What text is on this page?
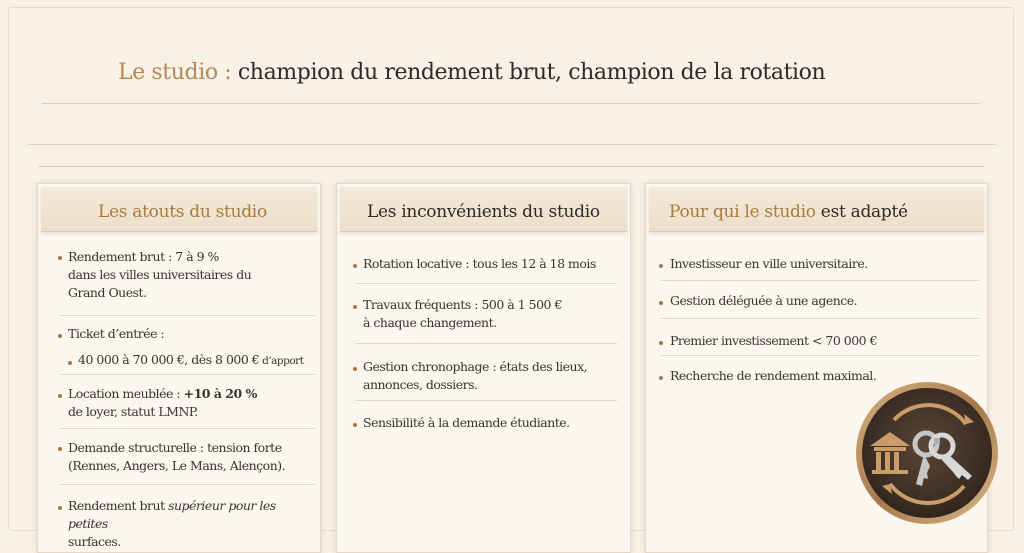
Le studio : champion du rendement brut, champion de la rotation
Les atouts du studio
Rendement brut : 7 à 9 %
dans les villes universitaires du
Grand Ouest.
Ticket d’entrée :
40 000 à 70 000 €, dès 8 000 € d’apport
Location meublée : +10 à 20 %
de loyer, statut LMNP.
Demande structurelle : tension forte
(Rennes, Angers, Le Mans, Alençon).
Rendement brut supérieur pour les petites
surfaces.
Les inconvénients du studio
Rotation locative : tous les 12 à 18 mois
Travaux fréquents : 500 à 1 500 €
à chaque changement.
Gestion chronophage : états des lieux,
annonces, dossiers.
Sensibilité à la demande étudiante.
Pour qui le studio est adapté
Investisseur en ville universitaire.
Gestion déléguée à une agence.
Premier investissement < 70 000 €
Recherche de rendement maximal.
